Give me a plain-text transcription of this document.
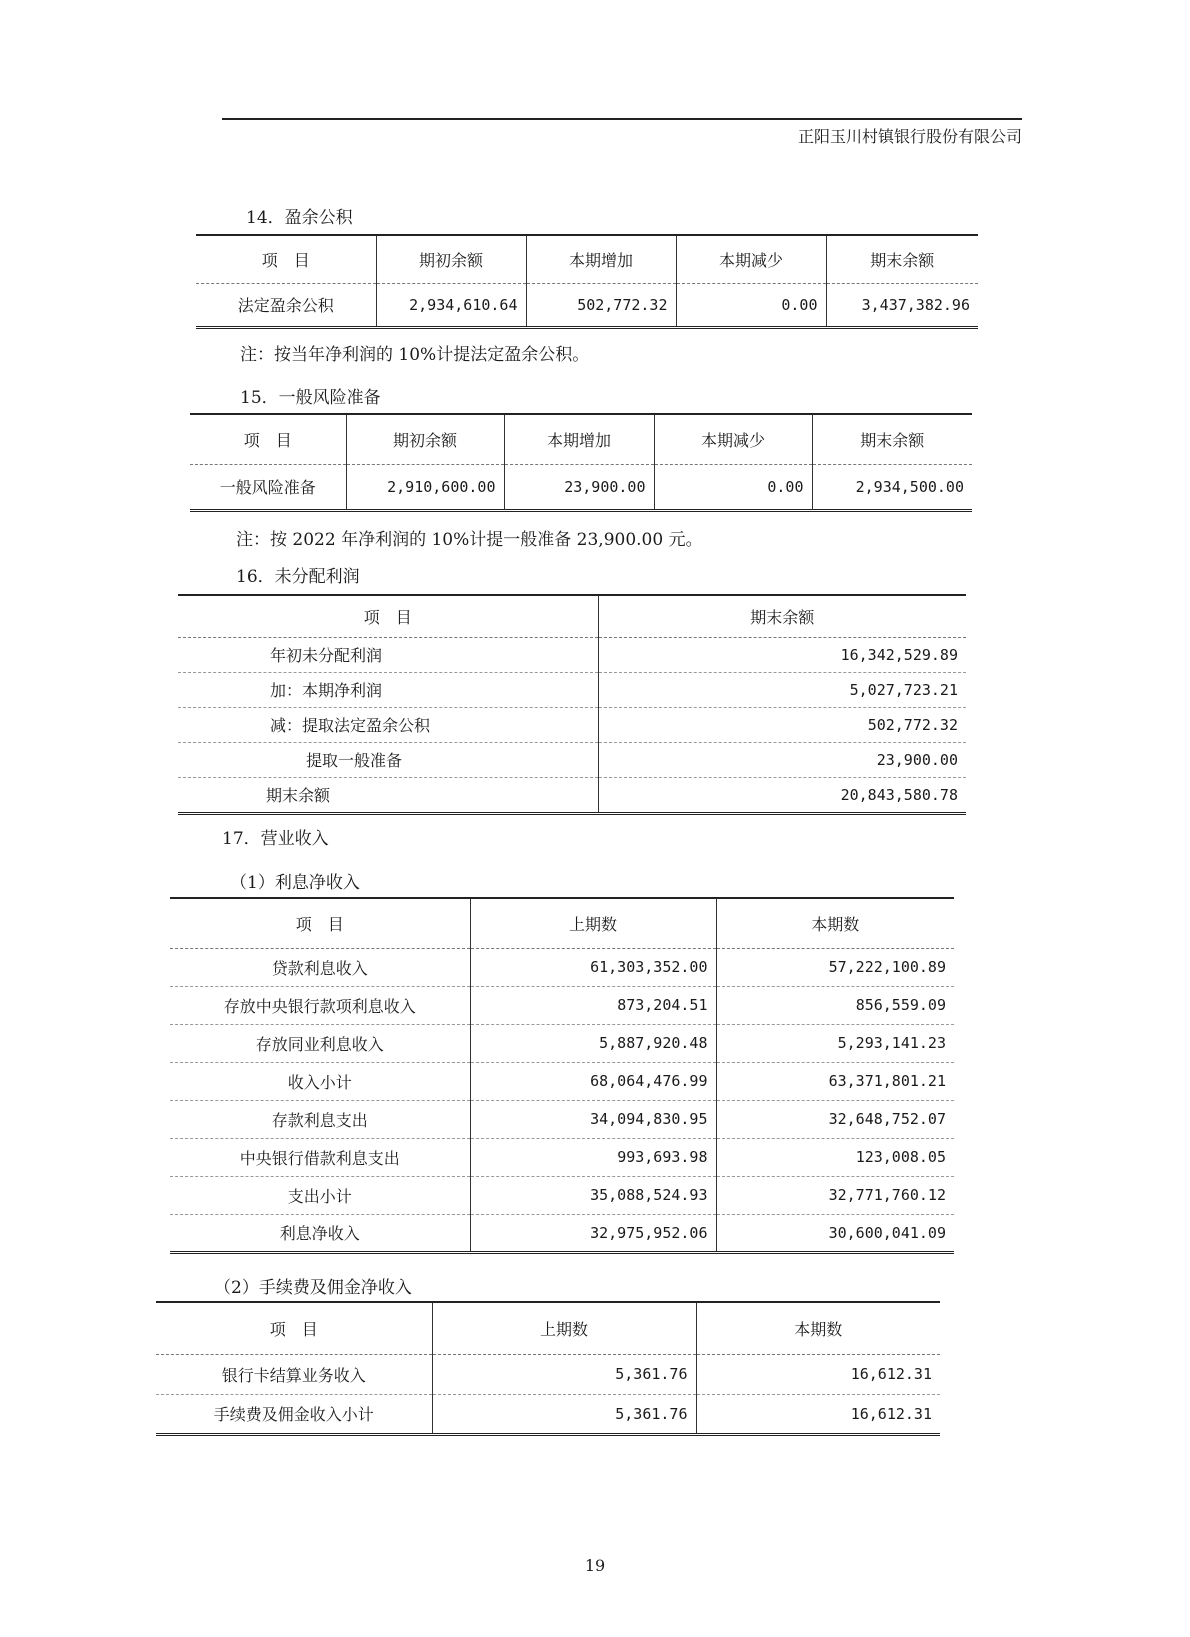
正阳玉川村镇银行股份有限公司
14．盈余公积
项　目	期初余额	本期增加	本期减少	期末余额
法定盈余公积	2,934,610.64	502,772.32	0.00	3,437,382.96
注：按当年净利润的 10%计提法定盈余公积。
15．一般风险准备
项　目	期初余额	本期增加	本期减少	期末余额
一般风险准备	2,910,600.00	23,900.00	0.00	2,934,500.00
注：按 2022 年净利润的 10%计提一般准备 23,900.00 元。
16．未分配利润
项　目	期末余额
年初未分配利润	16,342,529.89
加：本期净利润	5,027,723.21
减：提取法定盈余公积	502,772.32
提取一般准备	23,900.00
期末余额	20,843,580.78
17．营业收入
（1）利息净收入
项　目	上期数	本期数
贷款利息收入	61,303,352.00	57,222,100.89
存放中央银行款项利息收入	873,204.51	856,559.09
存放同业利息收入	5,887,920.48	5,293,141.23
收入小计	68,064,476.99	63,371,801.21
存款利息支出	34,094,830.95	32,648,752.07
中央银行借款利息支出	993,693.98	123,008.05
支出小计	35,088,524.93	32,771,760.12
利息净收入	32,975,952.06	30,600,041.09
（2）手续费及佣金净收入
项　目	上期数	本期数
银行卡结算业务收入	5,361.76	16,612.31
手续费及佣金收入小计	5,361.76	16,612.31
19
